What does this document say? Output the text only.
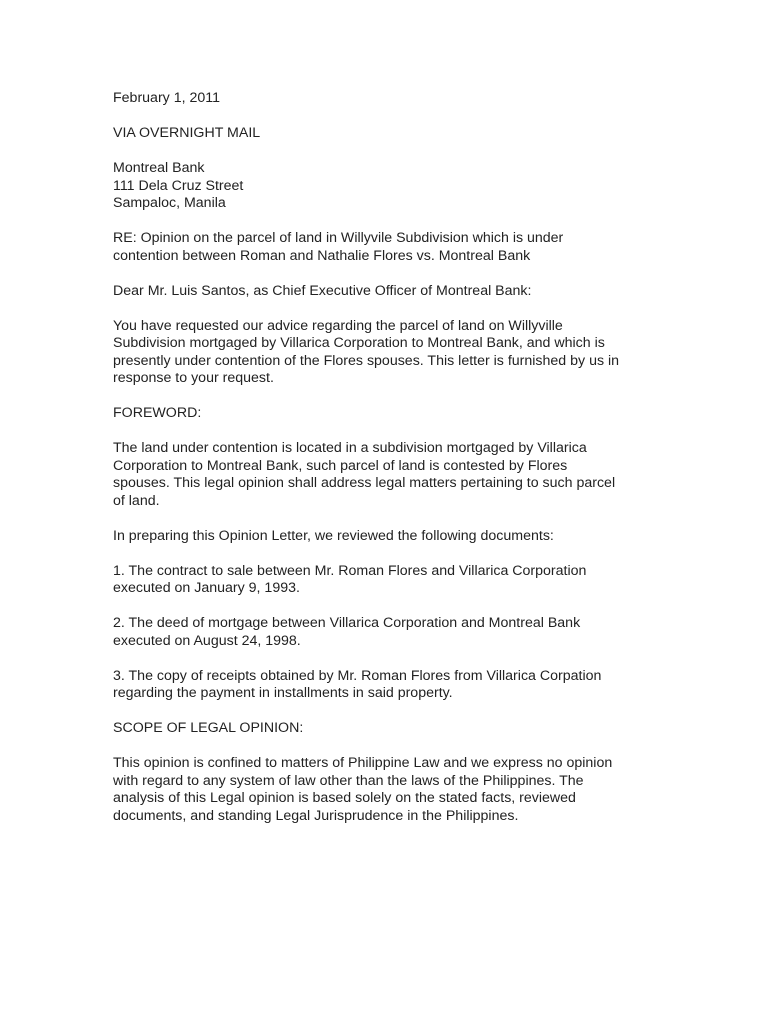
February 1, 2011
VIA OVERNIGHT MAIL
Montreal Bank
111 Dela Cruz Street
Sampaloc, Manila
RE: Opinion on the parcel of land in Willyvile Subdivision which is under
contention between Roman and Nathalie Flores vs. Montreal Bank
Dear Mr. Luis Santos, as Chief Executive Officer of Montreal Bank:
You have requested our advice regarding the parcel of land on Willyville
Subdivision mortgaged by Villarica Corporation to Montreal Bank, and which is
presently under contention of the Flores spouses. This letter is furnished by us in
response to your request.
FOREWORD:
The land under contention is located in a subdivision mortgaged by Villarica
Corporation to Montreal Bank, such parcel of land is contested by Flores
spouses. This legal opinion shall address legal matters pertaining to such parcel
of land.
In preparing this Opinion Letter, we reviewed the following documents:
1. The contract to sale between Mr. Roman Flores and Villarica Corporation
executed on January 9, 1993.
2. The deed of mortgage between Villarica Corporation and Montreal Bank
executed on August 24, 1998.
3. The copy of receipts obtained by Mr. Roman Flores from Villarica Corpation
regarding the payment in installments in said property.
SCOPE OF LEGAL OPINION:
This opinion is confined to matters of Philippine Law and we express no opinion
with regard to any system of law other than the laws of the Philippines. The
analysis of this Legal opinion is based solely on the stated facts, reviewed
documents, and standing Legal Jurisprudence in the Philippines.
